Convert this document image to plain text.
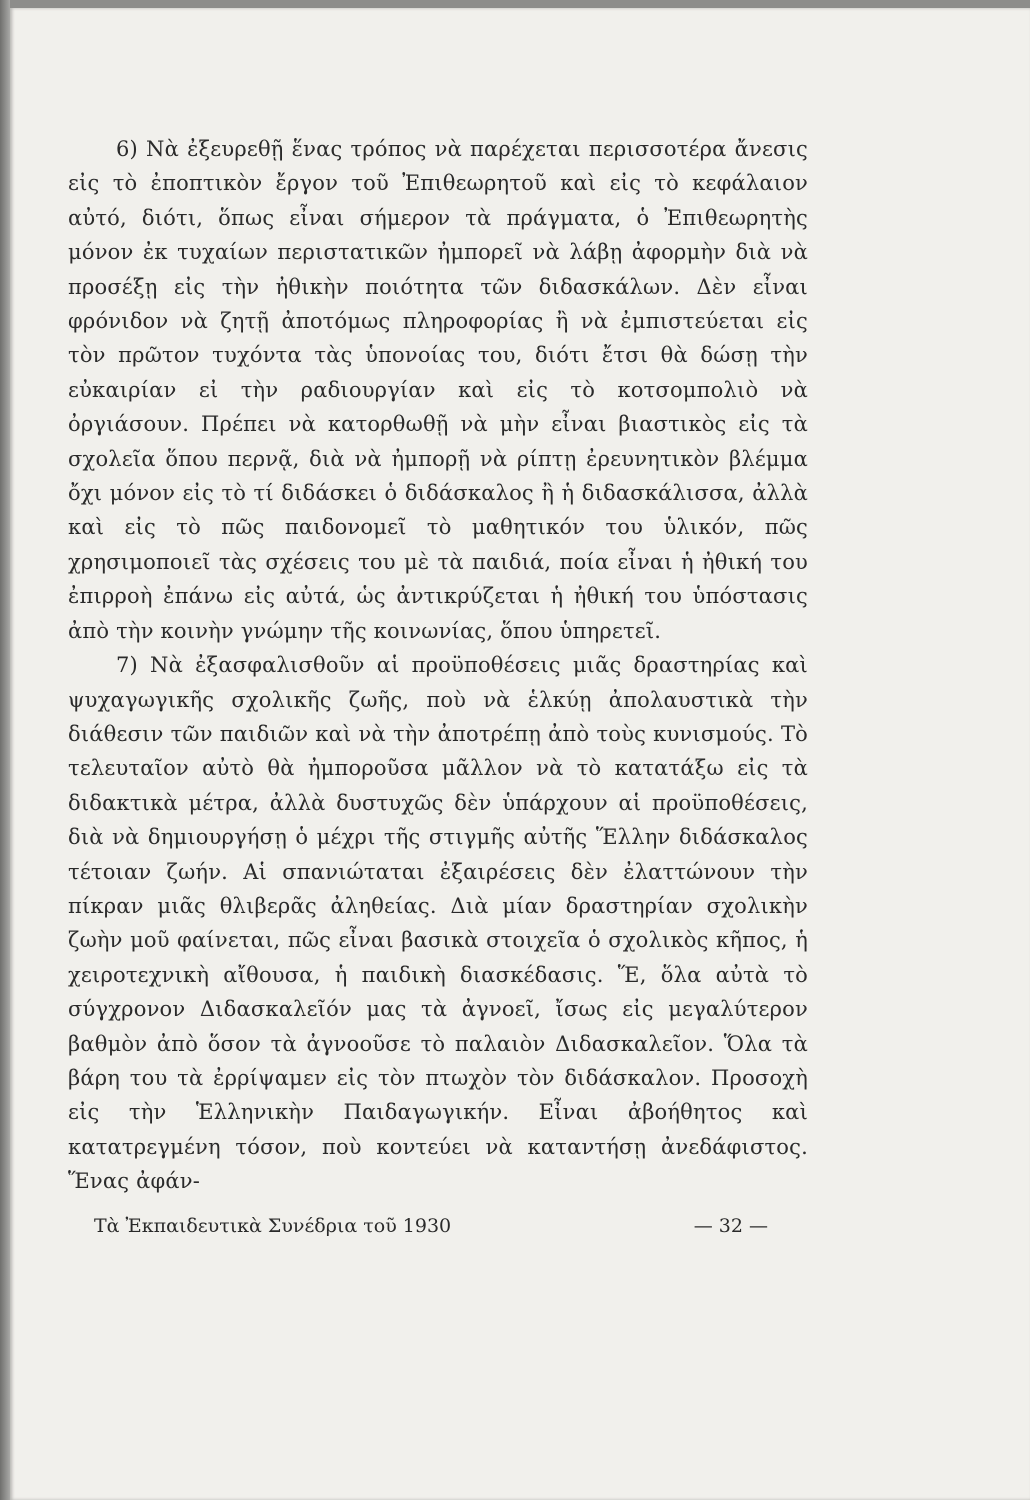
6) Νὰ ἐξευρεθῇ ἕνας τρόπος νὰ παρέχεται περισσοτέρα ἄνεσις εἰς τὸ ἐποπτικὸν ἔργον τοῦ Ἐπιθεωρητοῦ καὶ εἰς τὸ κεφάλαιον αὐτό, διότι, ὅπως εἶναι σήμερον τὰ πράγματα, ὁ Ἐπιθεωρητὴς μόνον ἐκ τυχαίων περιστατικῶν ἠμπορεῖ νὰ λάβῃ ἀφορμὴν διὰ νὰ προσέξῃ εἰς τὴν ἠθικὴν ποιότητα τῶν διδασκάλων. Δὲν εἶναι φρόνιδον νὰ ζητῇ ἀποτόμως πληροφορίας ἢ νὰ ἐμπιστεύεται εἰς τὸν πρῶτον τυχόντα τὰς ὑπονοίας του, διότι ἔτσι θὰ δώσῃ τὴν εὐκαιρίαν εἰ τὴν ραδιουργίαν καὶ εἰς τὸ κοτσομπολιὸ νὰ ὀργιάσουν. Πρέπει νὰ κατορθωθῇ νὰ μὴν εἶναι βιαστικὸς εἰς τὰ σχολεῖα ὅπου περνᾷ, διὰ νὰ ἠμπορῇ νὰ ρίπτῃ ἐρευνητικὸν βλέμμα ὄχι μόνον εἰς τὸ τί διδάσκει ὁ διδάσκαλος ἢ ἡ διδασκάλισσα, ἀλλὰ καὶ εἰς τὸ πῶς παιδονομεῖ τὸ μαθητικόν του ὑλικόν, πῶς χρησιμοποιεῖ τὰς σχέσεις του μὲ τὰ παιδιά, ποία εἶναι ἡ ἠθική του ἐπιρροὴ ἐπάνω εἰς αὐτά, ὡς ἀντικρύζεται ἡ ἠθική του ὑπόστασις ἀπὸ τὴν κοινὴν γνώμην τῆς κοινωνίας, ὅπου ὑπηρετεῖ.

7) Νὰ ἐξασφαλισθοῦν αἱ προϋποθέσεις μιᾶς δραστηρίας καὶ ψυχαγωγικῆς σχολικῆς ζωῆς, ποὺ νὰ ἑλκύῃ ἀπολαυστικὰ τὴν διάθεσιν τῶν παιδιῶν καὶ νὰ τὴν ἀποτρέπῃ ἀπὸ τοὺς κυνισμούς. Τὸ τελευταῖον αὐτὸ θὰ ἠμποροῦσα μᾶλλον νὰ τὸ κατατάξω εἰς τὰ διδακτικὰ μέτρα, ἀλλὰ δυστυχῶς δὲν ὑπάρχουν αἱ προϋποθέσεις, διὰ νὰ δημιουργήσῃ ὁ μέχρι τῆς στιγμῆς αὐτῆς Ἕλλην διδάσκαλος τέτοιαν ζωήν. Αἱ σπανιώταται ἐξαιρέσεις δὲν ἐλαττώνουν τὴν πίκραν μιᾶς θλιβερᾶς ἀληθείας. Διὰ μίαν δραστηρίαν σχολικὴν ζωὴν μοῦ φαίνεται, πῶς εἶναι βασικὰ στοιχεῖα ὁ σχολικὸς κῆπος, ἡ χειροτεχνικὴ αἴθουσα, ἡ παιδικὴ διασκέδασις. Ἕ, ὅλα αὐτὰ τὸ σύγχρονον Διδασκαλεῖόν μας τὰ ἀγνοεῖ, ἴσως εἰς μεγαλύτερον βαθμὸν ἀπὸ ὅσον τὰ ἀγνοοῦσε τὸ παλαιὸν Διδασκαλεῖον. Ὅλα τὰ βάρη του τὰ ἐρρίψαμεν εἰς τὸν πτωχὸν τὸν διδάσκαλον. Προσοχὴ εἰς τὴν Ἑλληνικὴν Παιδαγωγικήν. Εἶναι ἀβοήθητος καὶ κατατρεγμένη τόσον, ποὺ κοντεύει νὰ καταντήσῃ ἀνεδάφιστος. Ἕνας ἀφάν-

Τὰ Ἐκπαιδευτικὰ Συνέδρια τοῦ 1930	— 32 —
